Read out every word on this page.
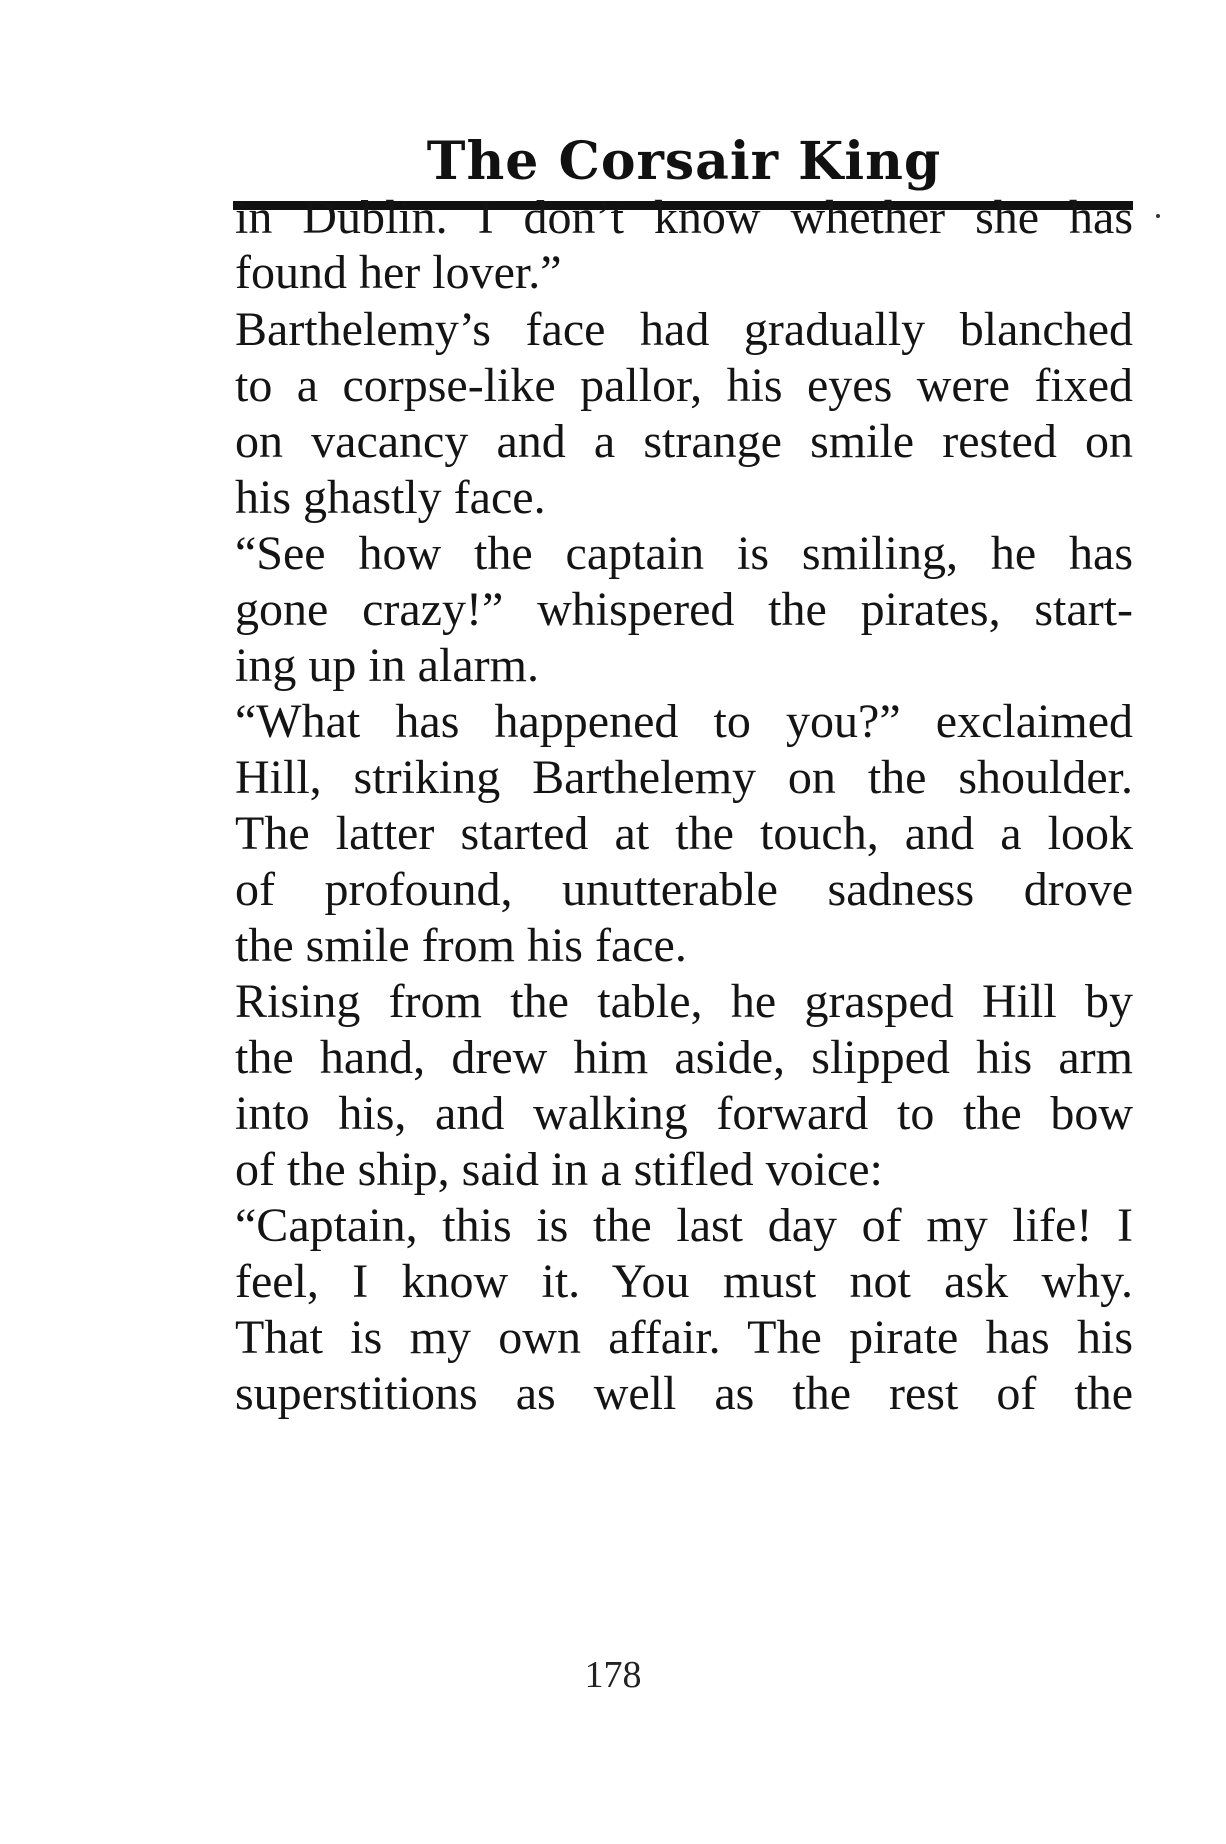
The Corsair King
in Dublin. I don’t know whether she has
found her lover.”
Barthelemy’s face had gradually blanched
to a corpse-like pallor, his eyes were fixed
on vacancy and a strange smile rested on
his ghastly face.
“See how the captain is smiling, he has
gone crazy!” whispered the pirates, start-
ing up in alarm.
“What has happened to you?” exclaimed
Hill, striking Barthelemy on the shoulder.
The latter started at the touch, and a look
of profound, unutterable sadness drove
the smile from his face.
Rising from the table, he grasped Hill by
the hand, drew him aside, slipped his arm
into his, and walking forward to the bow
of the ship, said in a stifled voice:
“Captain, this is the last day of my life! I
feel, I know it. You must not ask why.
That is my own affair. The pirate has his
superstitions as well as the rest of the
178
